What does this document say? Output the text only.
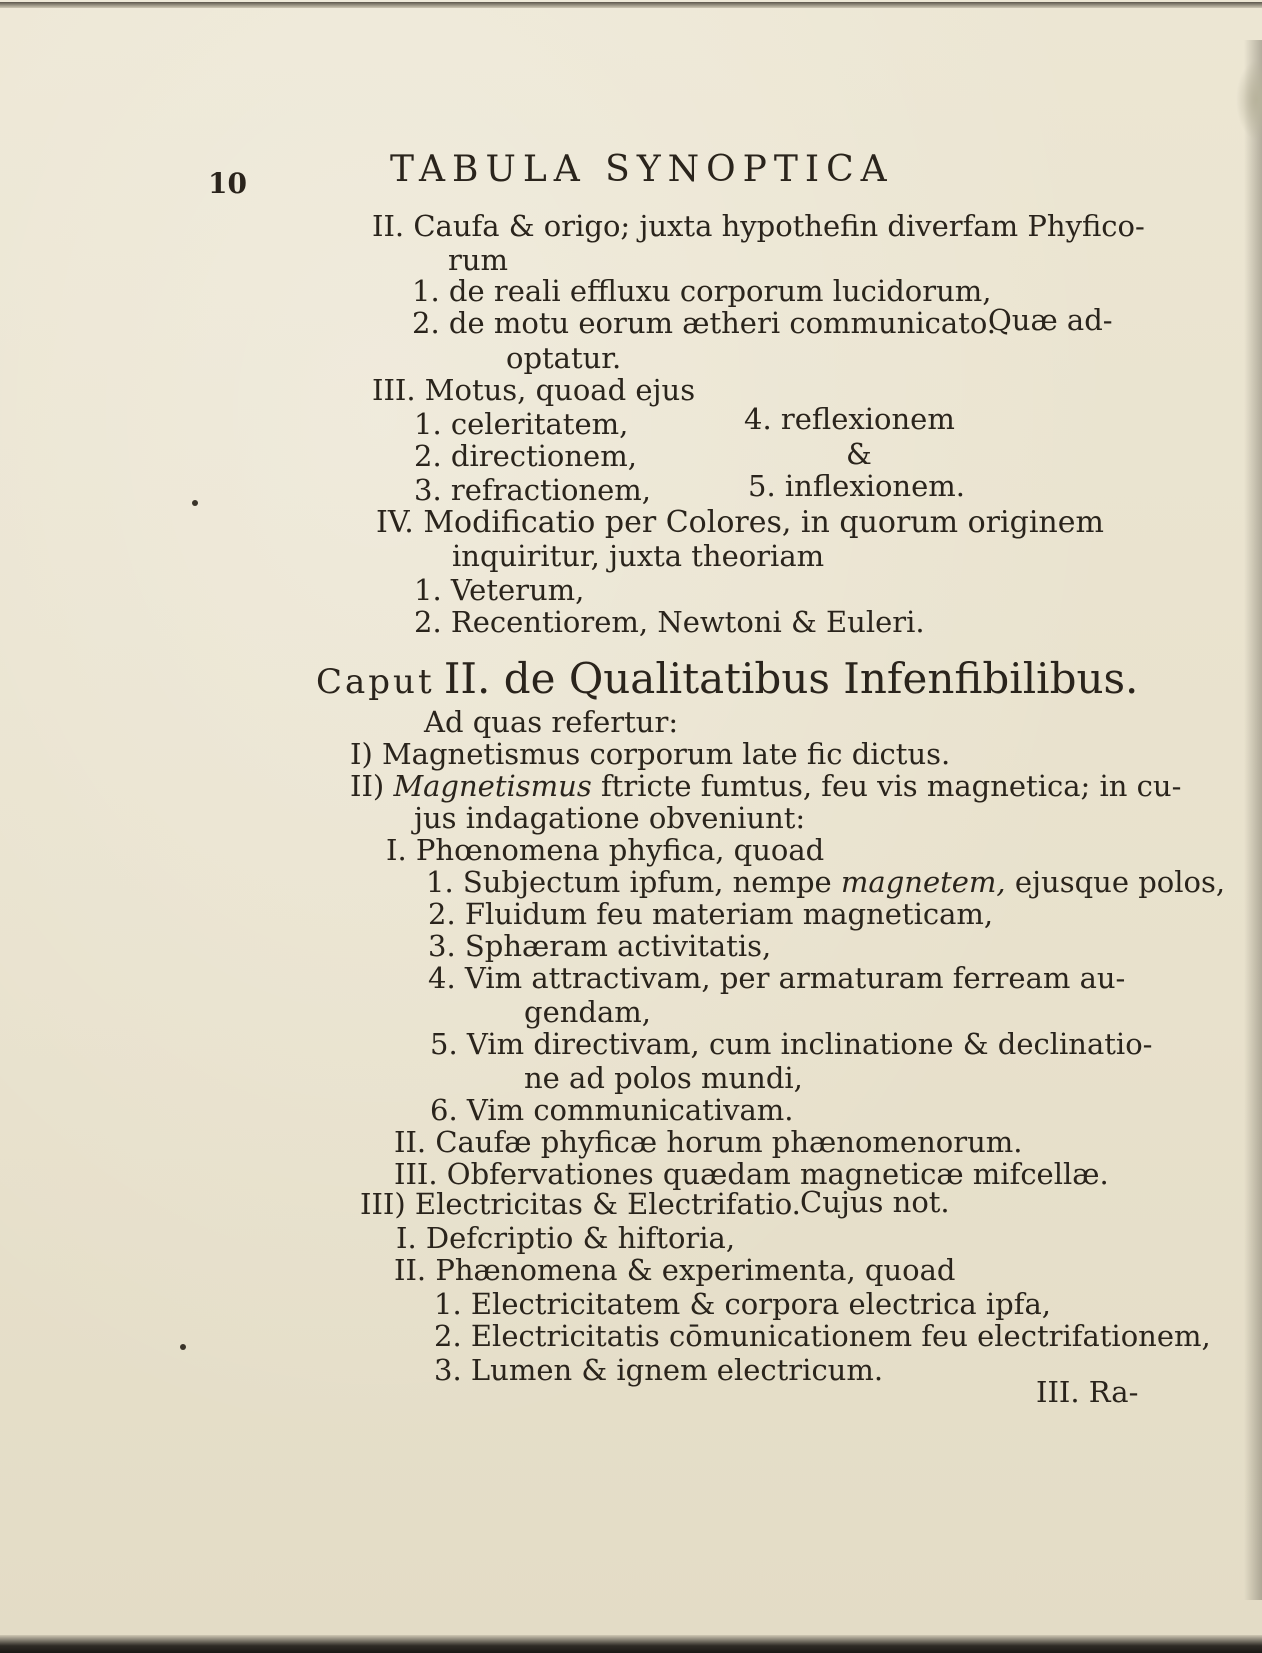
10	TABULA SYNOPTICA
II. Caufa & origo; juxta hypothefin diverfam Phyfico-
rum
1. de reali effluxu corporum lucidorum,
2. de motu eorum ætheri communicato.
Quæ ad-
optatur.
III. Motus, quoad ejus
1. celeritatem,	4. reflexionem
2. directionem,	&
3. refractionem,	5. inflexionem.
IV. Modificatio per Colores, in quorum originem
inquiritur, juxta theoriam
1. Veterum,
2. Recentiorem, Newtoni & Euleri.
Caput II. de Qualitatibus Infenfibilibus.
Ad quas refertur:
I) Magnetismus corporum late fic dictus.
II) Magnetismus ftricte fumtus, feu vis magnetica; in cu-
jus indagatione obveniunt:
I. Phœnomena phyfica, quoad
1. Subjectum ipfum, nempe magnetem, ejusque polos,
2. Fluidum feu materiam magneticam,
3. Sphæram activitatis,
4. Vim attractivam, per armaturam ferream au-
gendam,
5. Vim directivam, cum inclinatione & declinatio-
ne ad polos mundi,
6. Vim communicativam.
II. Caufæ phyficæ horum phænomenorum.
III. Obfervationes quædam magneticæ mifcellæ.
III) Electricitas & Electrifatio. Cujus not.
I. Defcriptio & hiftoria,
II. Phænomena & experimenta, quoad
1. Electricitatem & corpora electrica ipfa,
2. Electricitatis cōmunicationem feu electrifationem,
3. Lumen & ignem electricum.
III. Ra-
